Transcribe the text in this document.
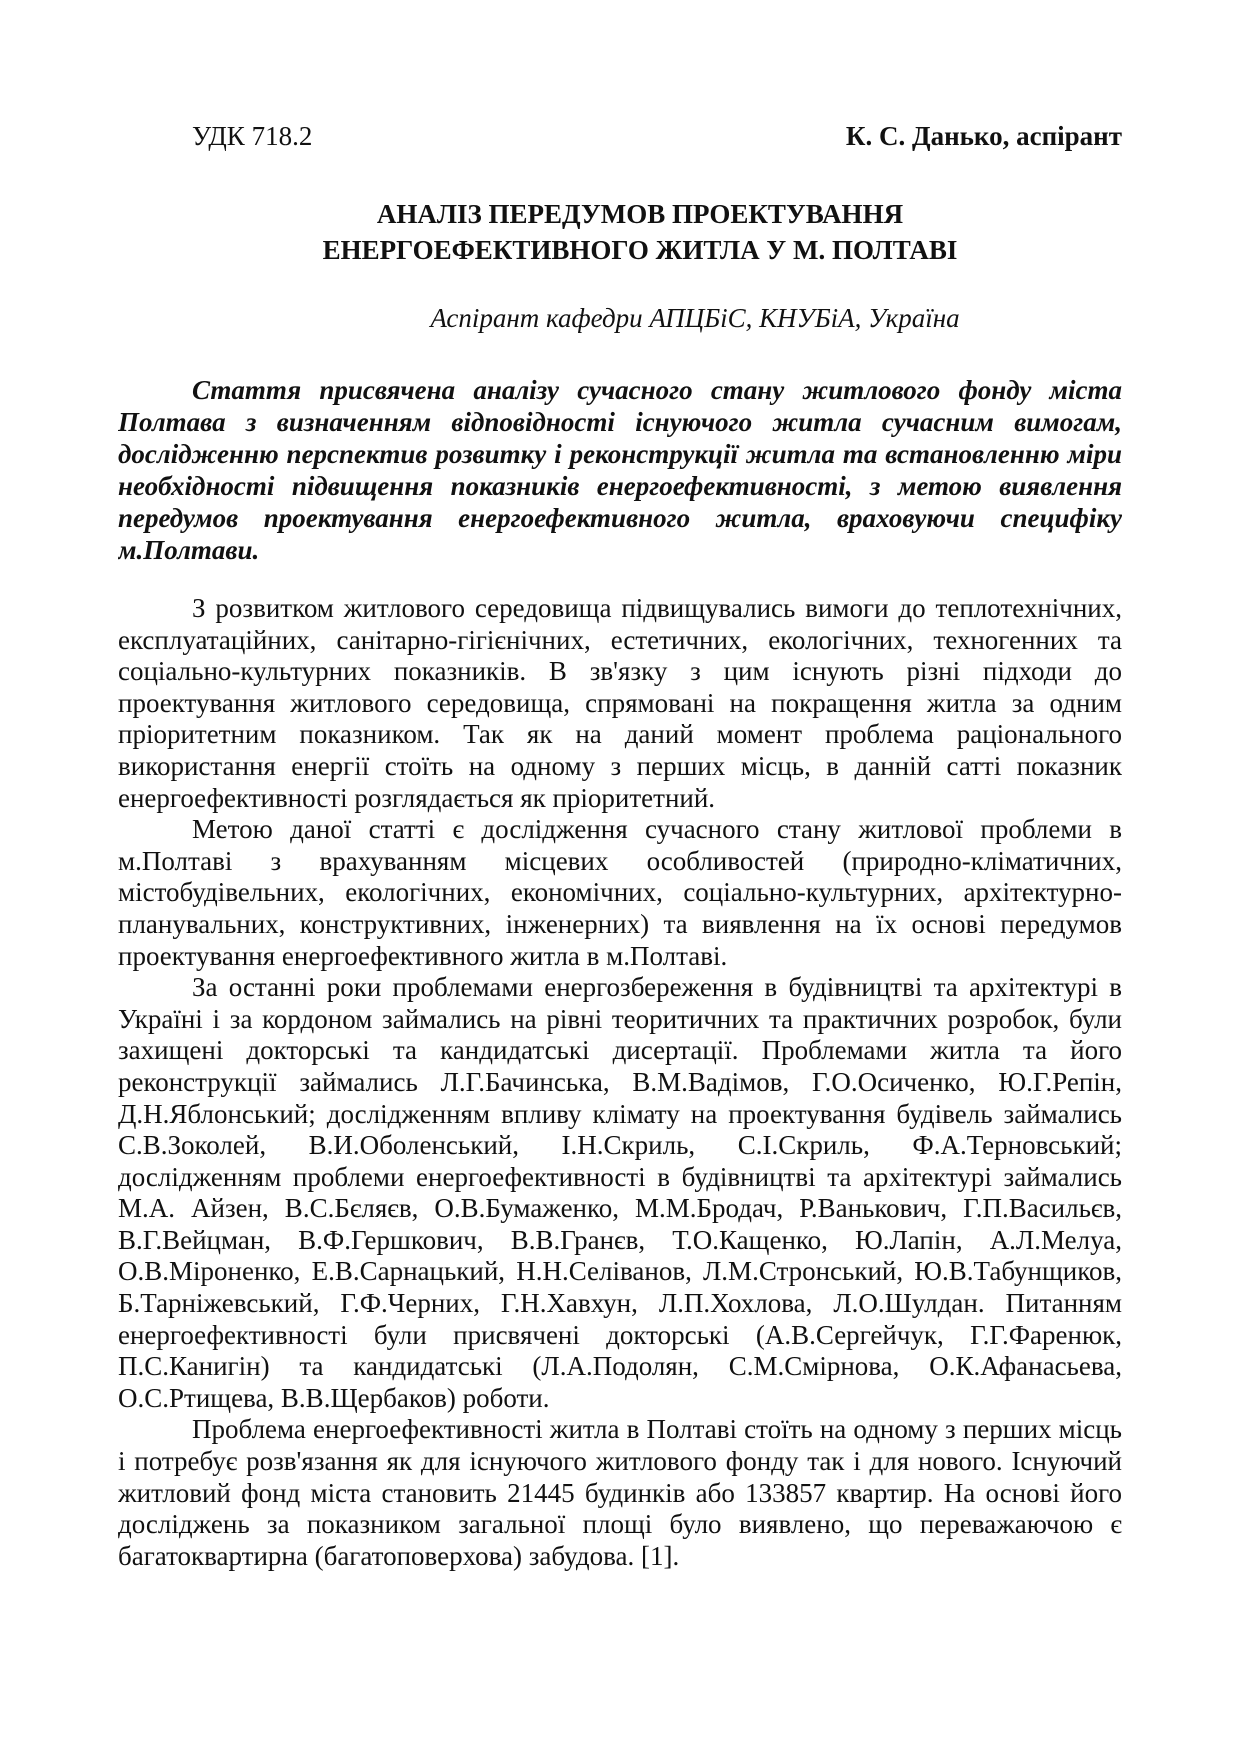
УДК 718.2	К. С. Данько, аспірант
АНАЛІЗ ПЕРЕДУМОВ ПРОЕКТУВАННЯ
ЕНЕРГОЕФЕКТИВНОГО ЖИТЛА У М. ПОЛТАВІ
Аспірант кафедри АПЦБіС, КНУБіА, Україна

Стаття присвячена аналізу сучасного стану житлового фонду міста Полтава з визначенням відповідності існуючого житла сучасним вимогам, дослідженню перспектив розвитку і реконструкції житла та встановленню міри необхідності підвищення показників енергоефективності, з метою виявлення передумов проектування енергоефективного житла, враховуючи специфіку м.Полтави.

З розвитком житлового середовища підвищувались вимоги до теплотехнічних, експлуатаційних, санітарно-гігієнічних, естетичних, екологічних, техногенних та соціально-культурних показників. В зв'язку з цим існують різні підходи до проектування житлового середовища, спрямовані на покращення житла за одним пріоритетним показником. Так як на даний момент проблема раціонального використання енергії стоїть на одному з перших місць, в данній сатті показник енергоефективності розглядається як пріоритетний.

Метою даної статті є дослідження сучасного стану житлової проблеми в м.Полтаві з врахуванням місцевих особливостей (природно-кліматичних, містобудівельних, екологічних, економічних, соціально-культурних, архітектурно-планувальних, конструктивних, інженерних) та виявлення на їх основі передумов проектування енергоефективного житла в м.Полтаві.

За останні роки проблемами енергозбереження в будівництві та архітектурі в Україні і за кордоном займались на рівні теоритичних та практичних розробок, були захищені докторські та кандидатські дисертації. Проблемами житла та його реконструкції займались Л.Г.Бачинська, В.М.Вадімов, Г.О.Осиченко, Ю.Г.Репін, Д.Н.Яблонський; дослідженням впливу клімату на проектування будівель займались С.В.Зоколей, В.И.Оболенський, І.Н.Скриль, С.І.Скриль, Ф.А.Терновський; дослідженням проблеми енергоефективності в будівництві та архітектурі займались М.А. Айзен, В.С.Бєляєв, О.В.Бумаженко, М.М.Бродач, Р.Ванькович, Г.П.Васильєв, В.Г.Вейцман, В.Ф.Гершкович, В.В.Гранєв, Т.О.Кащенко, Ю.Лапін, А.Л.Мелуа, О.В.Міроненко, Е.В.Сарнацький, Н.Н.Селіванов, Л.М.Стронський, Ю.В.Табунщиков, Б.Тарніжевський, Г.Ф.Черних, Г.Н.Хавхун, Л.П.Хохлова, Л.О.Шулдан. Питанням енергоефективності були присвячені докторські (А.В.Сергейчук, Г.Г.Фаренюк, П.С.Канигін) та кандидатські (Л.А.Подолян, С.М.Смірнова, О.К.Афанасьева, О.С.Ртищева, В.В.Щербаков) роботи.

Проблема енергоефективності житла в Полтаві стоїть на одному з перших місць і потребує розв'язання як для існуючого житлового фонду так і для нового. Існуючий житловий фонд міста становить 21445 будинків або 133857 квартир. На основі його досліджень за показником загальної площі було виявлено, що переважаючою є багатоквартирна (багатоповерхова) забудова. [1].
